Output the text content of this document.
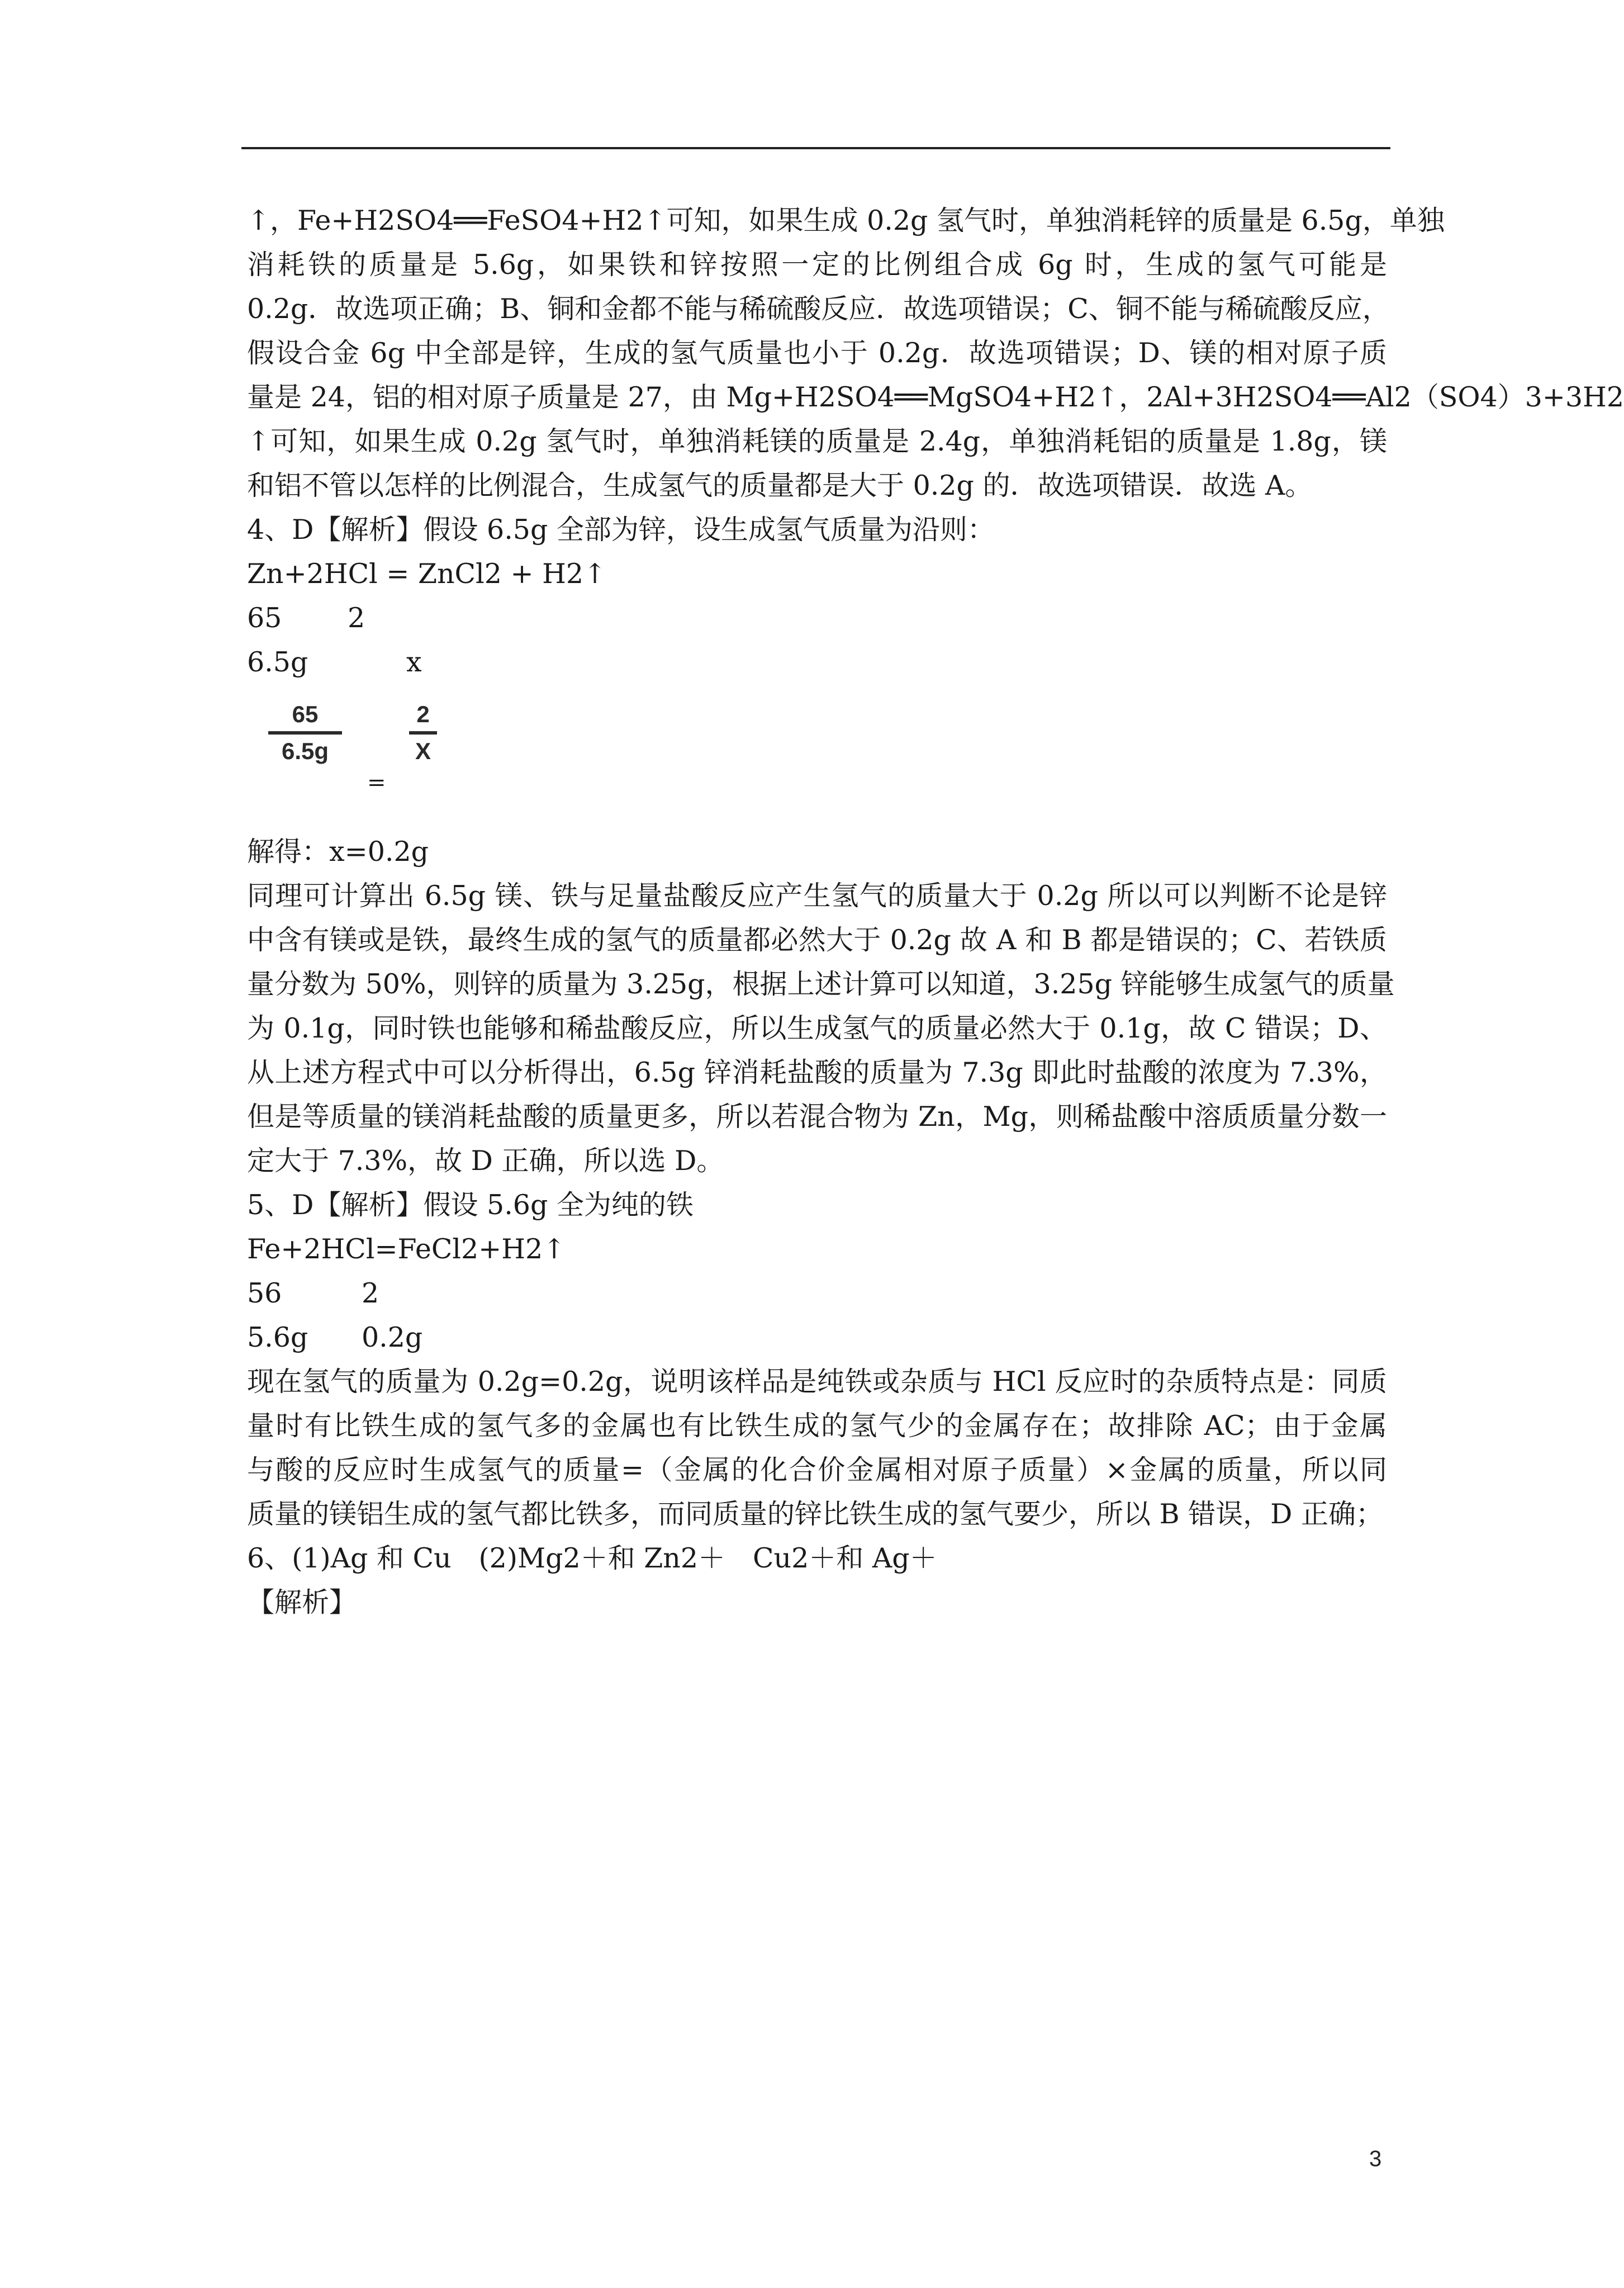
↑，Fe+H2SO4══FeSO4+H2↑可知，如果生成 0.2g 氢气时，单独消耗锌的质量是 6.5g，单独
消耗铁的质量是 5.6g，如果铁和锌按照一定的比例组合成 6g 时，生成的氢气可能是
0.2g．故选项正确；B、铜和金都不能与稀硫酸反应．故选项错误；C、铜不能与稀硫酸反应，
假设合金 6g 中全部是锌，生成的氢气质量也小于 0.2g．故选项错误；D、镁的相对原子质
量是 24，铝的相对原子质量是 27，由 Mg+H2SO4══MgSO4+H2↑，2Al+3H2SO4══Al2（SO4）3+3H2
↑可知，如果生成 0.2g 氢气时，单独消耗镁的质量是 2.4g，单独消耗铝的质量是 1.8g，镁
和铝不管以怎样的比例混合，生成氢气的质量都是大于 0.2g 的．故选项错误．故选 A。
4、D【解析】假设 6.5g 全部为锌，设生成氢气质量为沿则：
Zn+2HCl = ZnCl2 + H2↑
65 2
6.5g	x
65
6.5g
=
2
X
解得：x=0.2g
同理可计算出 6.5g 镁、铁与足量盐酸反应产生氢气的质量大于 0.2g 所以可以判断不论是锌
中含有镁或是铁，最终生成的氢气的质量都必然大于 0.2g 故 A 和 B 都是错误的；C、若铁质
量分数为 50%，则锌的质量为 3.25g，根据上述计算可以知道，3.25g 锌能够生成氢气的质量
为 0.1g，同时铁也能够和稀盐酸反应，所以生成氢气的质量必然大于 0.1g，故 C 错误；D、
从上述方程式中可以分析得出，6.5g 锌消耗盐酸的质量为 7.3g 即此时盐酸的浓度为 7.3%，
但是等质量的镁消耗盐酸的质量更多，所以若混合物为 Zn，Mg，则稀盐酸中溶质质量分数一
定大于 7.3%，故 D 正确，所以选 D。
5、D【解析】假设 5.6g 全为纯的铁
Fe+2HCl=FeCl2+H2↑
56	2
5.6g 0.2g
现在氢气的质量为 0.2g=0.2g，说明该样品是纯铁或杂质与 HCl 反应时的杂质特点是：同质
量时有比铁生成的氢气多的金属也有比铁生成的氢气少的金属存在；故排除 AC；由于金属
与酸的反应时生成氢气的质量=（金属的化合价金属相对原子质量）×金属的质量，所以同
质量的镁铝生成的氢气都比铁多，而同质量的锌比铁生成的氢气要少，所以 B 错误，D 正确；
6、(1)Ag 和 Cu　(2)Mg2＋和 Zn2＋　Cu2＋和 Ag＋
【解析】
3
